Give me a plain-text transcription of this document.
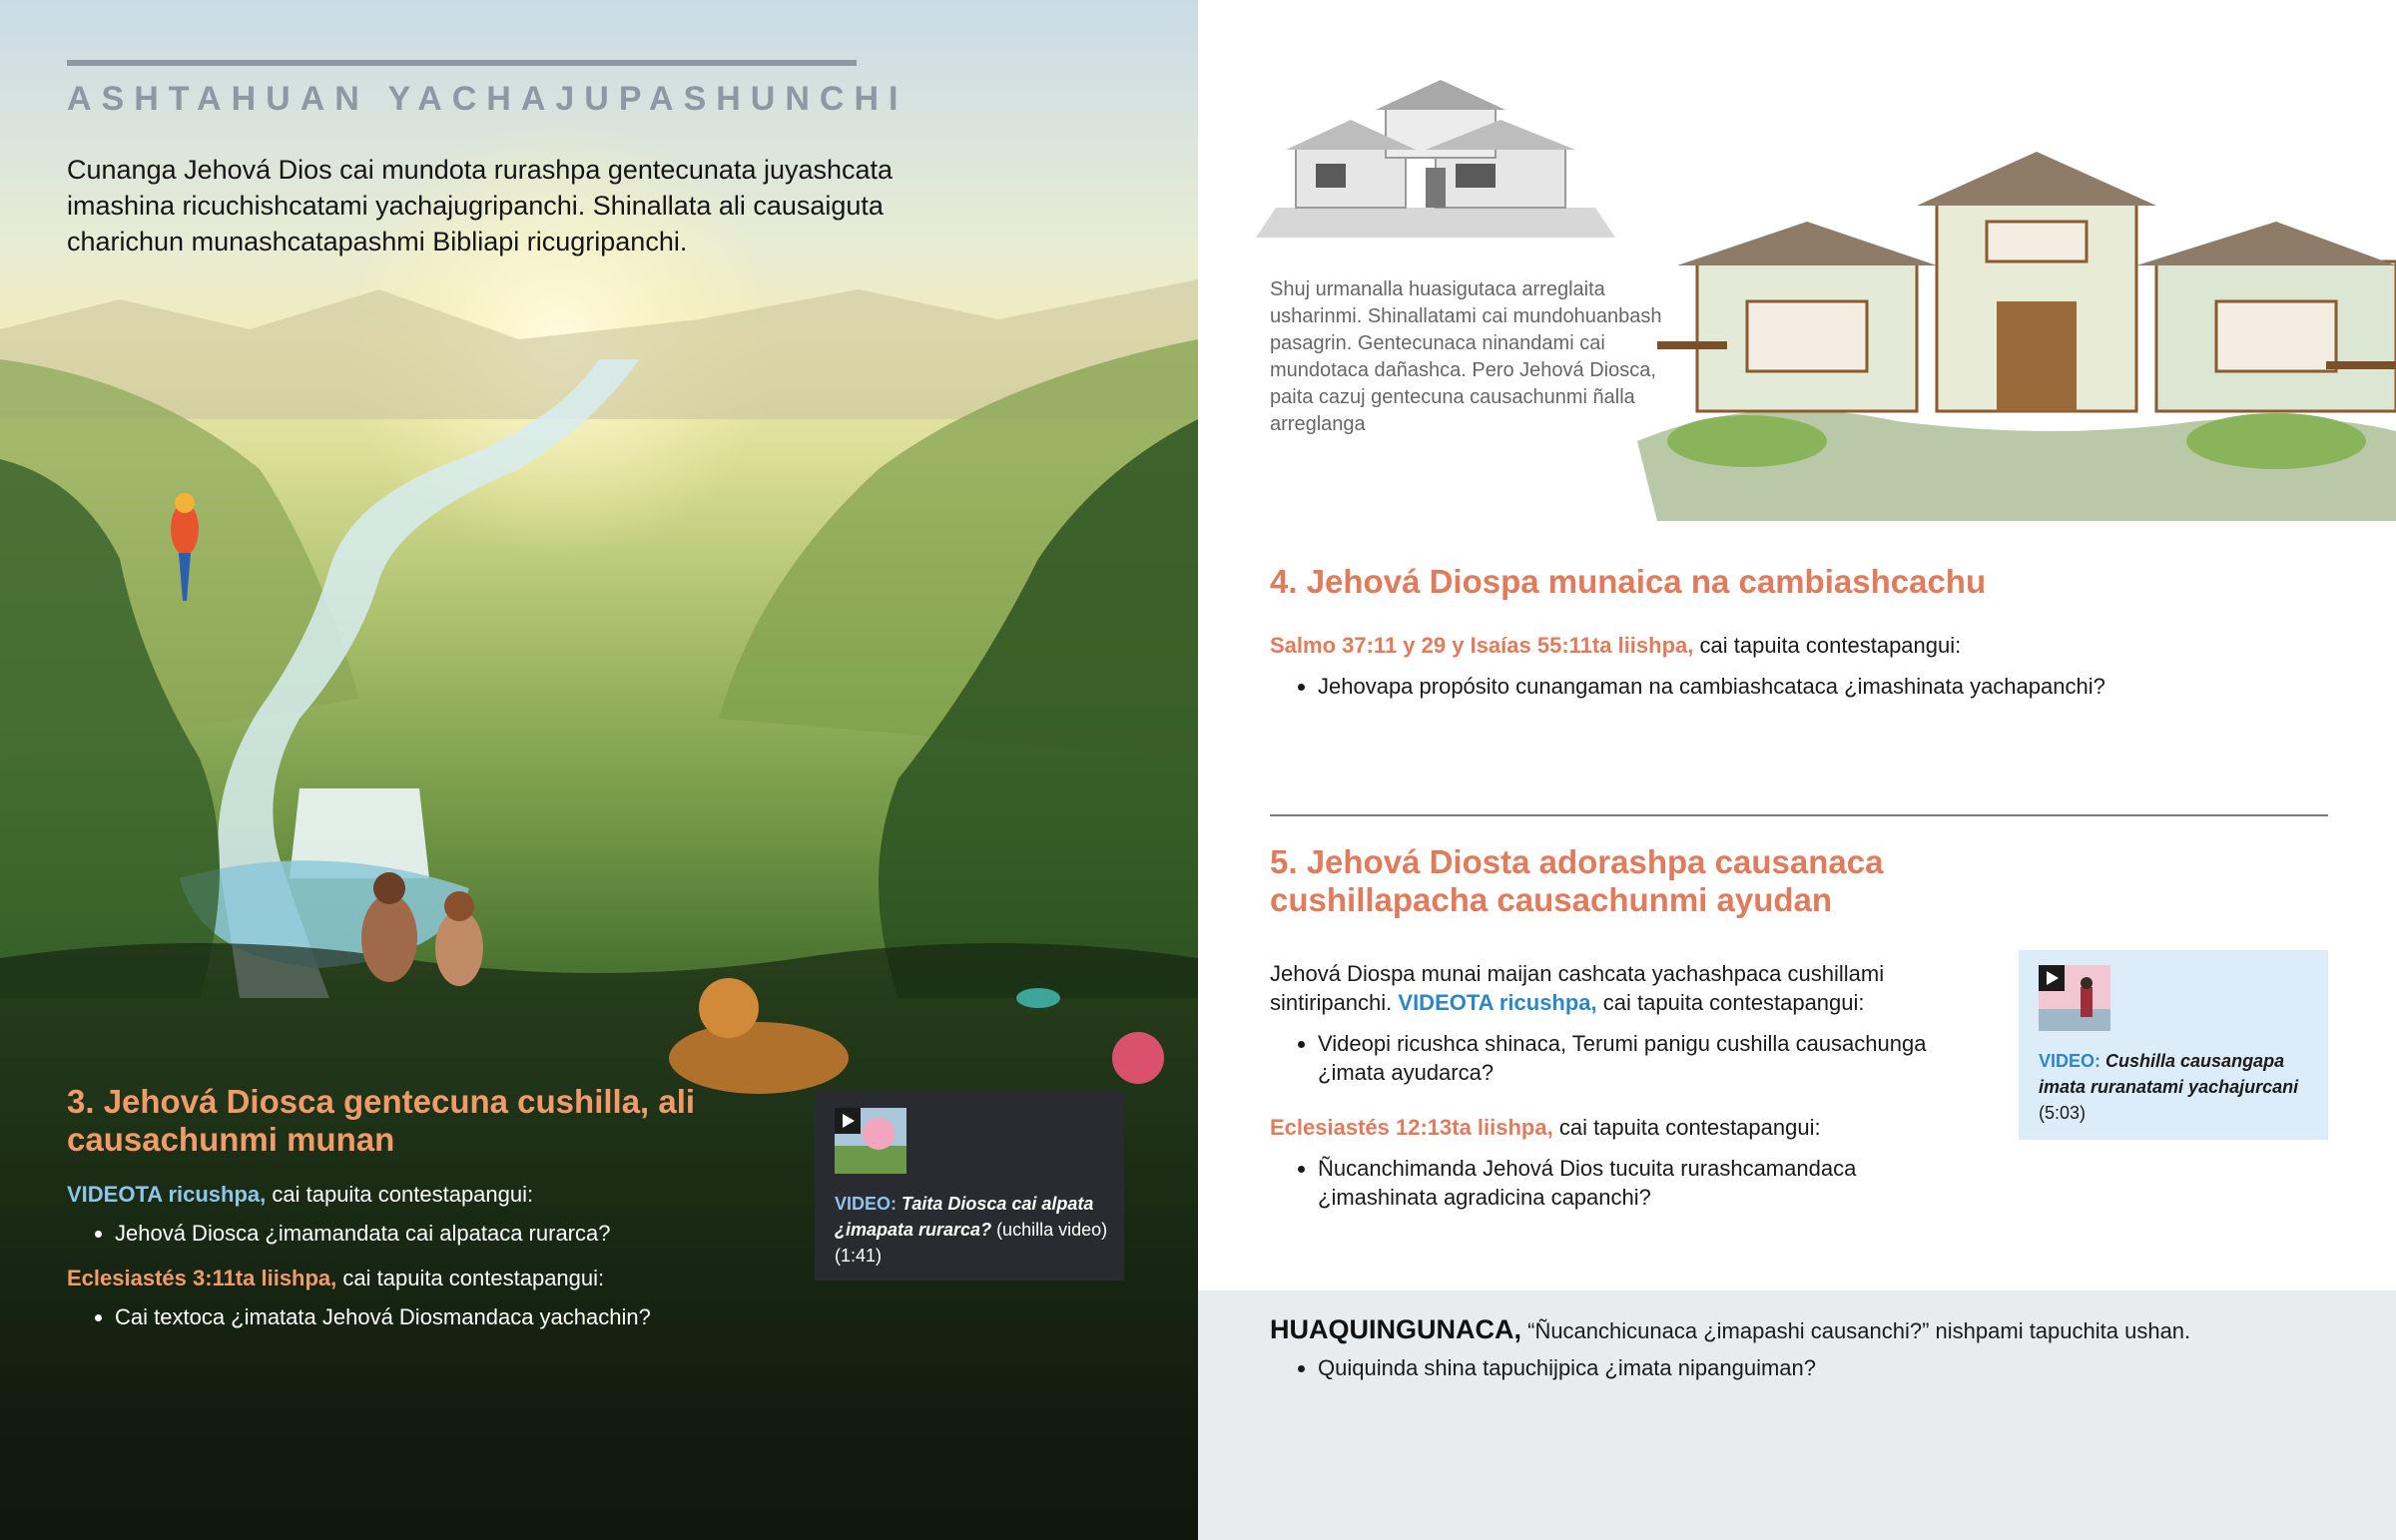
ASHTAHUAN YACHAJUPASHUNCHI

Cunanga Jehová Dios cai mundota rurashpa gentecunata juyashcata imashina ricuchishcatami yachajugripanchi. Shinallata ali causaiguta charichun munashcatapashmi Bibliapi ricugripanchi.

3. Jehová Diosca gentecuna cushilla, ali causachunmi munan
VIDEOTA ricushpa, cai tapuita contestapangui:
• Jehová Diosca ¿imamandata cai alpataca rurarca?
Eclesiastés 3:11ta liishpa, cai tapuita contestapangui:
• Cai textoca ¿imatata Jehová Diosmandaca yachachin?
VIDEO: Taita Diosca cai alpata ¿imapata rurarca? (uchilla video) (1:41)

Shuj urmanalla huasigutaca arreglaita usharinmi. Shinallatami cai mundohuanbash pasagrin. Gentecunaca ninandami cai mundotaca dañashca. Pero Jehová Diosca, paita cazuj gentecuna causachunmi ñalla arreglanga

4. Jehová Diospa munaica na cambiashcachu
Salmo 37:11 y 29 y Isaías 55:11ta liishpa, cai tapuita contestapangui:
• Jehovapa propósito cunangaman na cambiashcataca ¿imashinata yachapanchi?
5. Jehová Diosta adorashpa causanaca cushillapacha causachunmi ayudan
Jehová Diospa munai maijan cashcata yachashpaca cushillami sintiripanchi. VIDEOTA ricushpa, cai tapuita contestapangui:
• Videopi ricushca shinaca, Terumi panigu cushilla causachunga ¿imata ayudarca?
Eclesiastés 12:13ta liishpa, cai tapuita contestapangui:
• Ñucanchimanda Jehová Dios tucuita rurashcamandaca ¿imashinata agradicina capanchi?
VIDEO: Cushilla causangapa imata ruranatami yachajurcani (5:03)
HUAQUINGUNACA, “Ñucanchicunaca ¿imapashi causanchi?” nishpami tapuchita ushan.
• Quiquinda shina tapuchijpica ¿imata nipanguiman?
